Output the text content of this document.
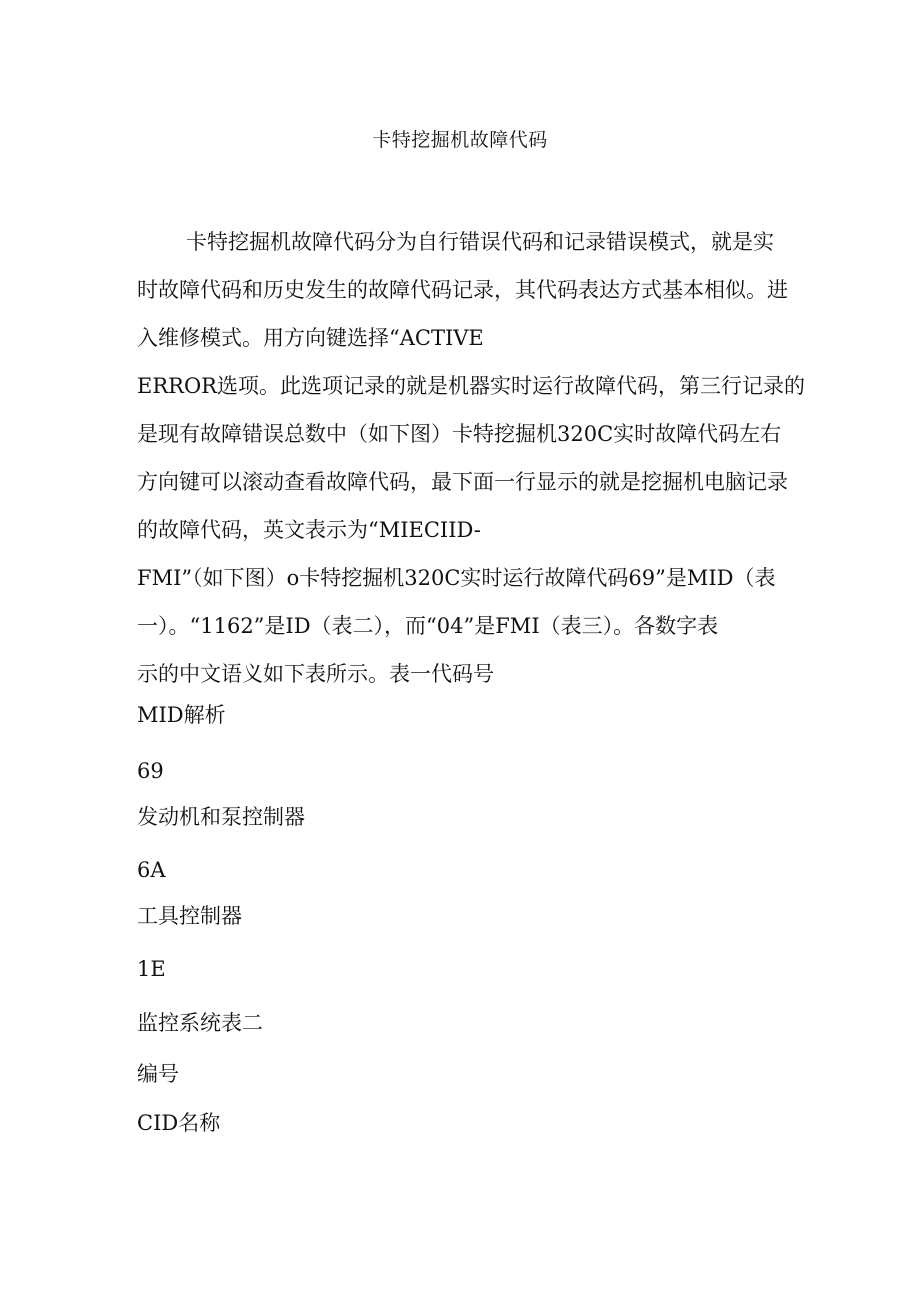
卡特挖掘机故障代码
卡特挖掘机故障代码分为自行错误代码和记录错误模式，就是实
时故障代码和历史发生的故障代码记录，其代码表达方式基本相似。进
入维修模式。用方向键选择“ACTIVE
ERROR选项。此选项记录的就是机器实时运行故障代码，第三行记录的
是现有故障错误总数中（如下图）卡特挖掘机320C实时故障代码左右
方向键可以滚动查看故障代码，最下面一行显示的就是挖掘机电脑记录
的故障代码，英文表示为“MIECIID-
FMI”（如下图）o卡特挖掘机320C实时运行故障代码69”是MID（表
一）。“1162”是ID（表二），而“04”是FMI（表三）。各数字表
示的中文语义如下表所示。表一代码号
MID解析
69
发动机和泵控制器
6A
工具控制器
1E
监控系统表二
编号
CID名称
